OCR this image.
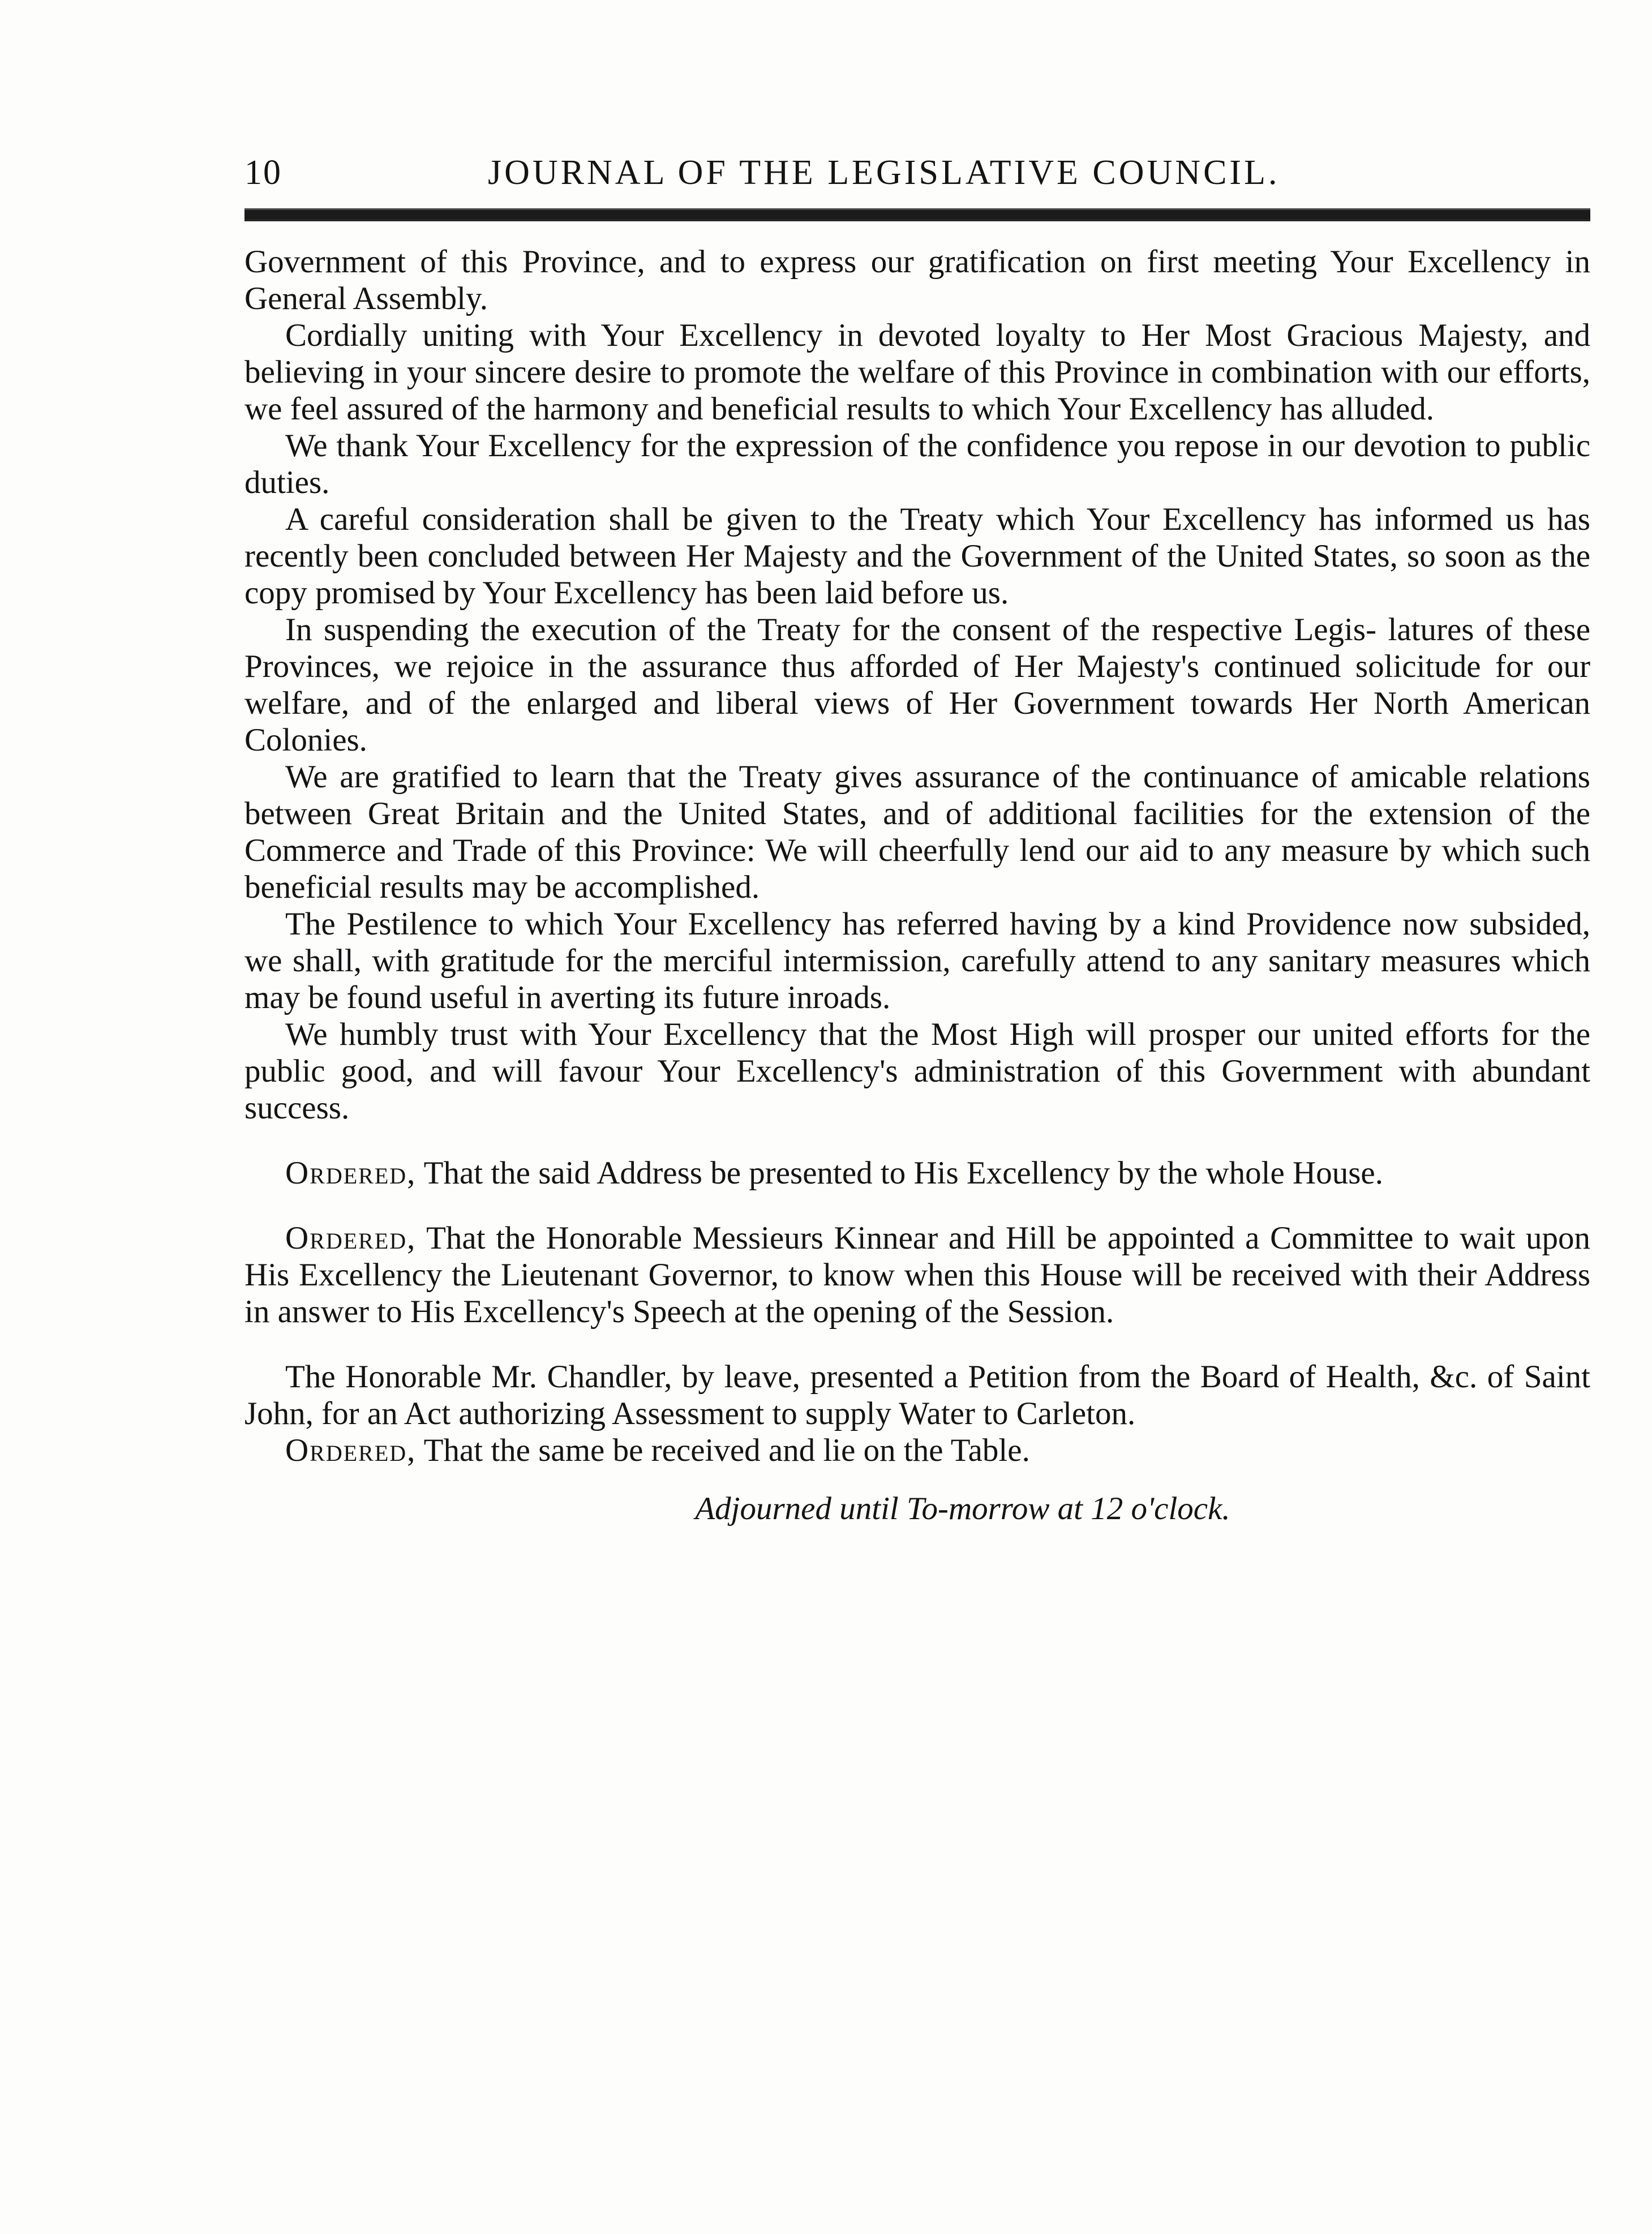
10	JOURNAL OF THE LEGISLATIVE COUNCIL.

Government of this Province, and to express our gratification on first meeting Your Excellency in General Assembly.

Cordially uniting with Your Excellency in devoted loyalty to Her Most Gracious Majesty, and believing in your sincere desire to promote the welfare of this Province in combination with our efforts, we feel assured of the harmony and beneficial results to which Your Excellency has alluded.

We thank Your Excellency for the expression of the confidence you repose in our devotion to public duties.

A careful consideration shall be given to the Treaty which Your Excellency has informed us has recently been concluded between Her Majesty and the Government of the United States, so soon as the copy promised by Your Excellency has been laid before us.

In suspending the execution of the Treaty for the consent of the respective Legis- latures of these Provinces, we rejoice in the assurance thus afforded of Her Majesty's continued solicitude for our welfare, and of the enlarged and liberal views of Her Government towards Her North American Colonies.

We are gratified to learn that the Treaty gives assurance of the continuance of amicable relations between Great Britain and the United States, and of additional facilities for the extension of the Commerce and Trade of this Province: We will cheerfully lend our aid to any measure by which such beneficial results may be accomplished.

The Pestilence to which Your Excellency has referred having by a kind Providence now subsided, we shall, with gratitude for the merciful intermission, carefully attend to any sanitary measures which may be found useful in averting its future inroads.

We humbly trust with Your Excellency that the Most High will prosper our united efforts for the public good, and will favour Your Excellency's administration of this Government with abundant success.

Ordered, That the said Address be presented to His Excellency by the whole House.

Ordered, That the Honorable Messieurs Kinnear and Hill be appointed a Committee to wait upon His Excellency the Lieutenant Governor, to know when this House will be received with their Address in answer to His Excellency's Speech at the opening of the Session.

The Honorable Mr. Chandler, by leave, presented a Petition from the Board of Health, &c. of Saint John, for an Act authorizing Assessment to supply Water to Carleton.

Ordered, That the same be received and lie on the Table.

Adjourned until To-morrow at 12 o'clock.
